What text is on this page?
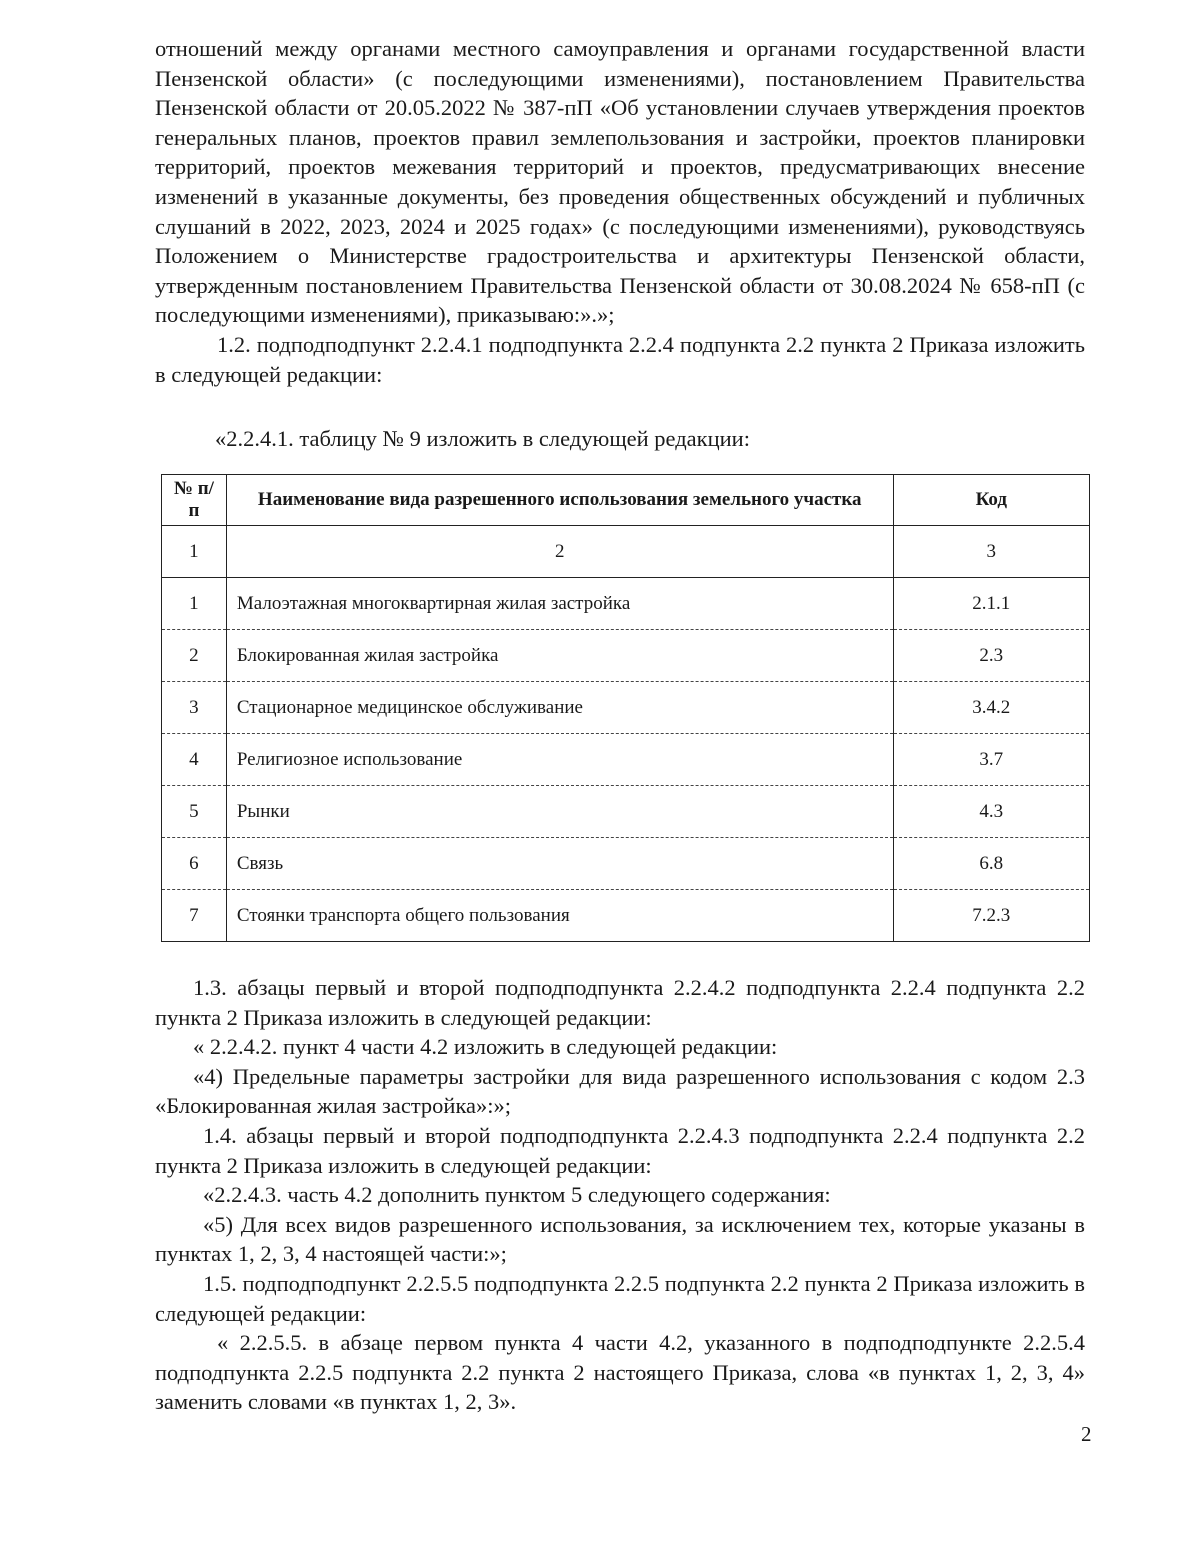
отношений между органами местного самоуправления и органами государственной власти Пензенской области» (с последующими изменениями), постановлением Правительства Пензенской области от 20.05.2022 № 387-пП «Об установлении случаев утверждения проектов генеральных планов, проектов правил землепользования и застройки, проектов планировки территорий, проектов межевания территорий и проектов, предусматривающих внесение изменений в указанные документы, без проведения общественных обсуждений и публичных слушаний в 2022, 2023, 2024 и 2025 годах» (с последующими изменениями), руководствуясь Положением о Министерстве градостроительства и архитектуры Пензенской области, утвержденным постановлением Правительства Пензенской области от 30.08.2024 № 658-пП (с последующими изменениями), приказываю:».»;

1.2. подподподпункт 2.2.4.1 подподпункта 2.2.4 подпункта 2.2 пункта 2 Приказа изложить в следующей редакции:

«2.2.4.1. таблицу № 9 изложить в следующей редакции:
№ п/п	Наименование вида разрешенного использования земельного участка	Код
1	2	3
1	Малоэтажная многоквартирная жилая застройка	2.1.1
2	Блокированная жилая застройка	2.3
3	Стационарное медицинское обслуживание	3.4.2
4	Религиозное использование	3.7
5	Рынки	4.3
6	Связь	6.8
7	Стоянки транспорта общего пользования	7.2.3

1.3. абзацы первый и второй подподподпункта 2.2.4.2 подподпункта 2.2.4 подпункта 2.2 пункта 2 Приказа изложить в следующей редакции:

« 2.2.4.2. пункт 4 части 4.2 изложить в следующей редакции:

«4) Предельные параметры застройки для вида разрешенного использования с кодом 2.3 «Блокированная жилая застройка»:»;

1.4. абзацы первый и второй подподподпункта 2.2.4.3 подподпункта 2.2.4 подпункта 2.2 пункта 2 Приказа изложить в следующей редакции:

«2.2.4.3. часть 4.2 дополнить пунктом 5 следующего содержания:

«5) Для всех видов разрешенного использования, за исключением тех, которые указаны в пунктах 1, 2, 3, 4 настоящей части:»;

1.5. подподподпункт 2.2.5.5 подподпункта 2.2.5 подпункта 2.2 пункта 2 Приказа изложить в следующей редакции:

« 2.2.5.5. в абзаце первом пункта 4 части 4.2, указанного в подподподпункте 2.2.5.4 подподпункта 2.2.5 подпункта 2.2 пункта 2 настоящего Приказа, слова «в пунктах 1, 2, 3, 4» заменить словами «в пунктах 1, 2, 3».

2
